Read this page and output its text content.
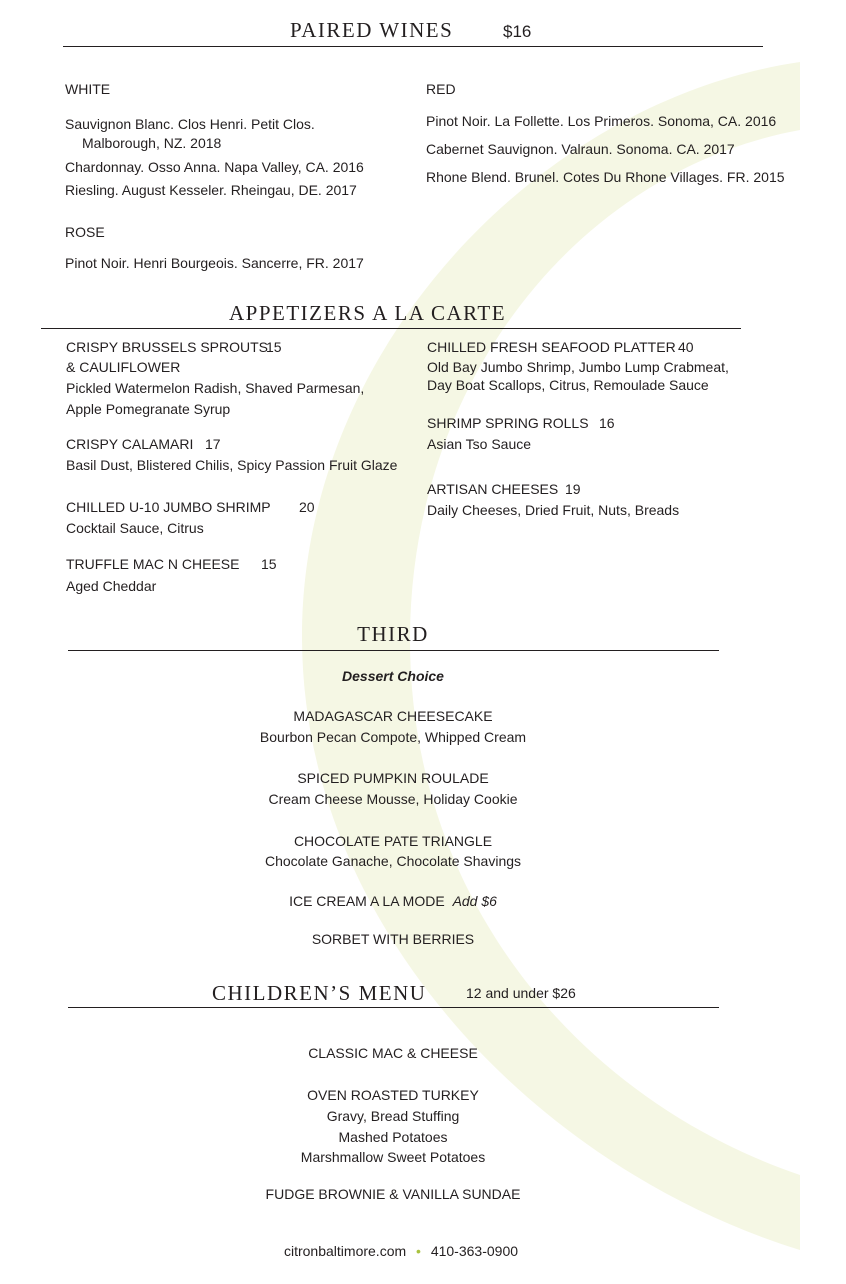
PAIRED WINES	$16
WHITE
Sauvignon Blanc. Clos Henri. Petit Clos.
Malborough, NZ. 2018
Chardonnay. Osso Anna. Napa Valley, CA. 2016
Riesling. August Kesseler. Rheingau, DE. 2017
ROSE
Pinot Noir. Henri Bourgeois. Sancerre, FR. 2017
RED
Pinot Noir. La Follette. Los Primeros. Sonoma, CA. 2016
Cabernet Sauvignon. Valraun. Sonoma. CA. 2017
Rhone Blend. Brunel. Cotes Du Rhone Villages. FR. 2015
APPETIZERS A LA CARTE
CRISPY BRUSSELS SPROUTS
15
& CAULIFLOWER
Pickled Watermelon Radish, Shaved Parmesan,
Apple Pomegranate Syrup
CRISPY CALAMARI 17
Basil Dust, Blistered Chilis, Spicy Passion Fruit Glaze
CHILLED U-10 JUMBO SHRIMP 20
Cocktail Sauce, Citrus
TRUFFLE MAC N CHEESE 15
Aged Cheddar
CHILLED FRESH SEAFOOD PLATTER 40
Old Bay Jumbo Shrimp, Jumbo Lump Crabmeat,
Day Boat Scallops, Citrus, Remoulade Sauce
SHRIMP SPRING ROLLS 16
Asian Tso Sauce
ARTISAN CHEESES 19
Daily Cheeses, Dried Fruit, Nuts, Breads
THIRD
Dessert Choice
MADAGASCAR CHEESECAKE
Bourbon Pecan Compote, Whipped Cream
SPICED PUMPKIN ROULADE
Cream Cheese Mousse, Holiday Cookie
CHOCOLATE PATE TRIANGLE
Chocolate Ganache, Chocolate Shavings
ICE CREAM A LA MODE Add $6
SORBET WITH BERRIES
CHILDREN’S MENU	12 and under $26
CLASSIC MAC & CHEESE
OVEN ROASTED TURKEY
Gravy, Bread Stuffing
Mashed Potatoes
Marshmallow Sweet Potatoes
FUDGE BROWNIE & VANILLA SUNDAE
citronbaltimore.com • 410-363-0900
